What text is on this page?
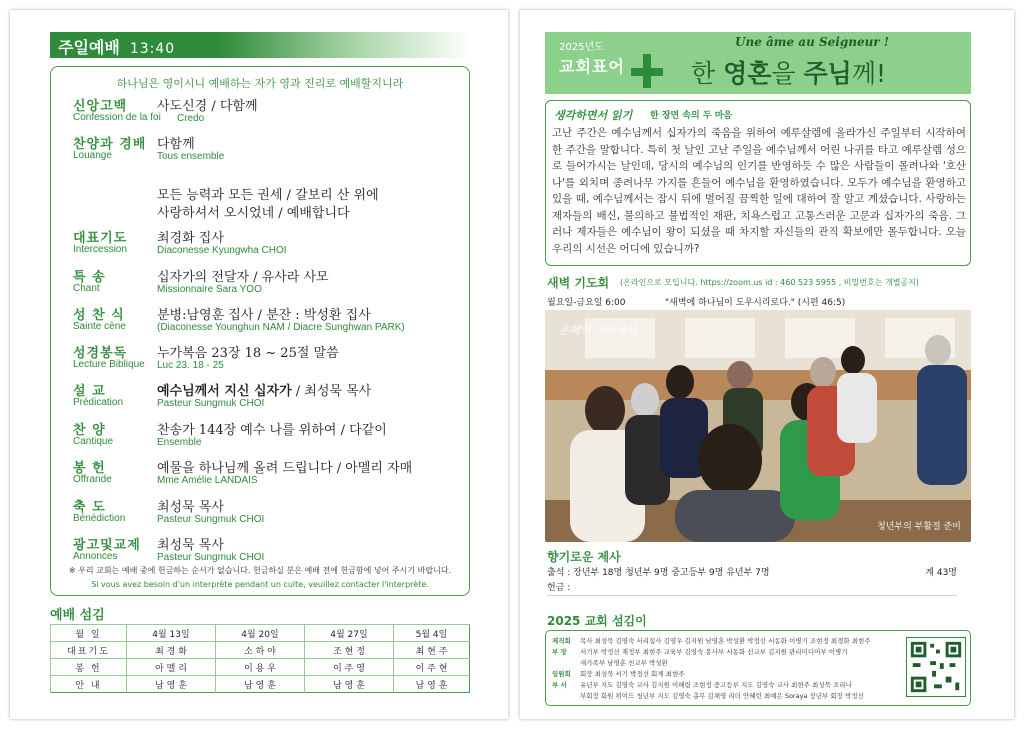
주일예배 13:40
하나님은 영이시니 예배하는 자가 영과 진리로 예배할지니라
신앙고백
Confession de la foi
사도신경 / 다함께
Credo
찬양과 경배
Louange
다함께
Tous ensemble
모든 능력과 모든 권세 / 갈보리 산 위에
사랑하셔서 오시었네 / 예배합니다
대표기도
Intercession
최경화 집사
Diaconesse Kyungwha CHOI
특 송
Chant
십자가의 전달자 / 유사라 사모
Missionnaire Sara YOO
성 찬 식
Sainte cène
분병:남영훈 집사 / 분잔 : 박성환 집사
(Diaconesse Younghun NAM / Diacre Sunghwan PARK)
성경봉독
Lecture Biblique
누가복음 23장 18 ~ 25절 말씀
Luc 23. 18 - 25
설 교
Prédication
예수님께서 지신 십자가 / 최성묵 목사
Pasteur Sungmuk CHOI
찬 양
Cantique
찬송가 144장 예수 나를 위하여 / 다같이
Ensemble
봉 헌
Offrande
예물을 하나님께 올려 드립니다 / 아멜리 자매
Mme Amélie LANDAIS
축 도
Bénédiction
최성묵 목사
Pasteur Sungmuk CHOI
광고및교제
Annonces
최성묵 목사
Pasteur Sungmuk CHOI
※ 우리 교회는 예배 중에 헌금하는 순서가 없습니다. 헌금하실 분은 예배 전에 헌금함에 넣어 주시기 바랍니다.
Si vous avez besoin d'un interprète pendant un culte, veuillez contacter l'interprète.
예배 섬김
월 일	4월 13일	4월 20일	4월 27일	5월 4일
대표기도	최 경 화	소 하 야	조 현 정	최 현 주
봉 헌	아 멜 리	이 용 우	이 주 영	이 주 현
안 내	남 영 훈	남 영 훈	남 영 훈	남 영 훈
2025년도
교회표어
Une âme au Seigneur !
한 영혼을 주님께!
생각하면서 읽기 한 장면 속의 두 마음
고난 주간은 예수님께서 십자가의 죽음을 위하여 예루살렘에 올라가신 주일부터 시작하여 한 주간을 말합니다. 특히 첫 날인 고난 주일을 예수님께서 어린 나귀를 타고 예루살렘 성으로 들어가시는 날인데, 당시의 예수님의 인기를 반영하듯 수 많은 사람들이 몰려나와 '호산나'를 외치며 종려나무 가지를 흔들어 예수님을 환영하였습니다. 모두가 예수님을 환영하고 있을 때, 예수님께서는 잠시 뒤에 벌어질 끔찍한 일에 대하여 잘 알고 계셨습니다. 사랑하는 제자들의 배신, 불의하고 불법적인 재판, 치욕스럽고 고통스러운 고문과 십자가의 죽음. 그러나 제자들은 예수님이 왕이 되셨을 때 차지할 자신들의 관직 확보에만 몰두합니다. 오늘 우리의 시선은 어디에 있습니까?
새벽 기도회 (온라인으로 모입니다. https://zoom.us id : 460 523 5955 , 비밀번호는 개별공지)
월요일-금요일 6:00	"새벽에 하나님이 도우시리로다." (시편 46:5)
은혜의 자리에서
청년부의 부활절 준비
향기로운 제사
출석 : 장년부 18명 청년부 9명 중고등부 9명 유년부 7명	계 43명
헌금 :
2025 교회 섬김이
제직회 목사 최성묵 김영숙 서리집사 김영우 김지원 남영훈 박성환 박정선 서동화 이병기 조현정 최경화 최현주
부 장 서기부 박정선 재정부 최현주 교육부 김영숙 봉사부 서동화 선교부 김지원 관리미디어부 이병기
새가족부 남영훈 친교부 박성환
임원회 회장 최성묵 서기 박정선 회계 최현주
부 서 유년부 지도 김영숙 교사 김지원 이해림 조현정 중고등부 지도 김영숙 교사 최현주 최성묵 조리나
부회장 회원 위이드 청년부 지도 김영숙 총무 김채영 리더 안혜린 최예은 Soraya 장년부 회장 박정선
